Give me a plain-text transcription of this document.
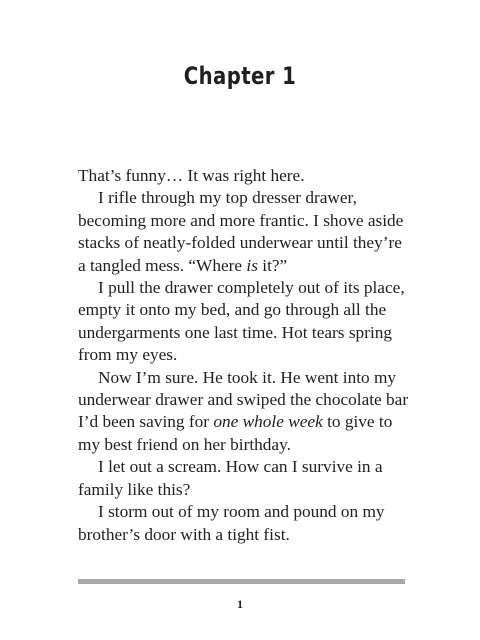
Chapter 1

That’s funny… It was right here.

I rifle through my top dresser drawer, becoming more and more frantic. I shove aside stacks of neatly-folded underwear until they’re a tangled mess. “Where is it?”

I pull the drawer completely out of its place, empty it onto my bed, and go through all the undergarments one last time. Hot tears spring from my eyes.

Now I’m sure. He took it. He went into my underwear drawer and swiped the chocolate bar I’d been saving for one whole week to give to my best friend on her birthday.

I let out a scream. How can I survive in a family like this?

I storm out of my room and pound on my brother’s door with a tight fist.

1
